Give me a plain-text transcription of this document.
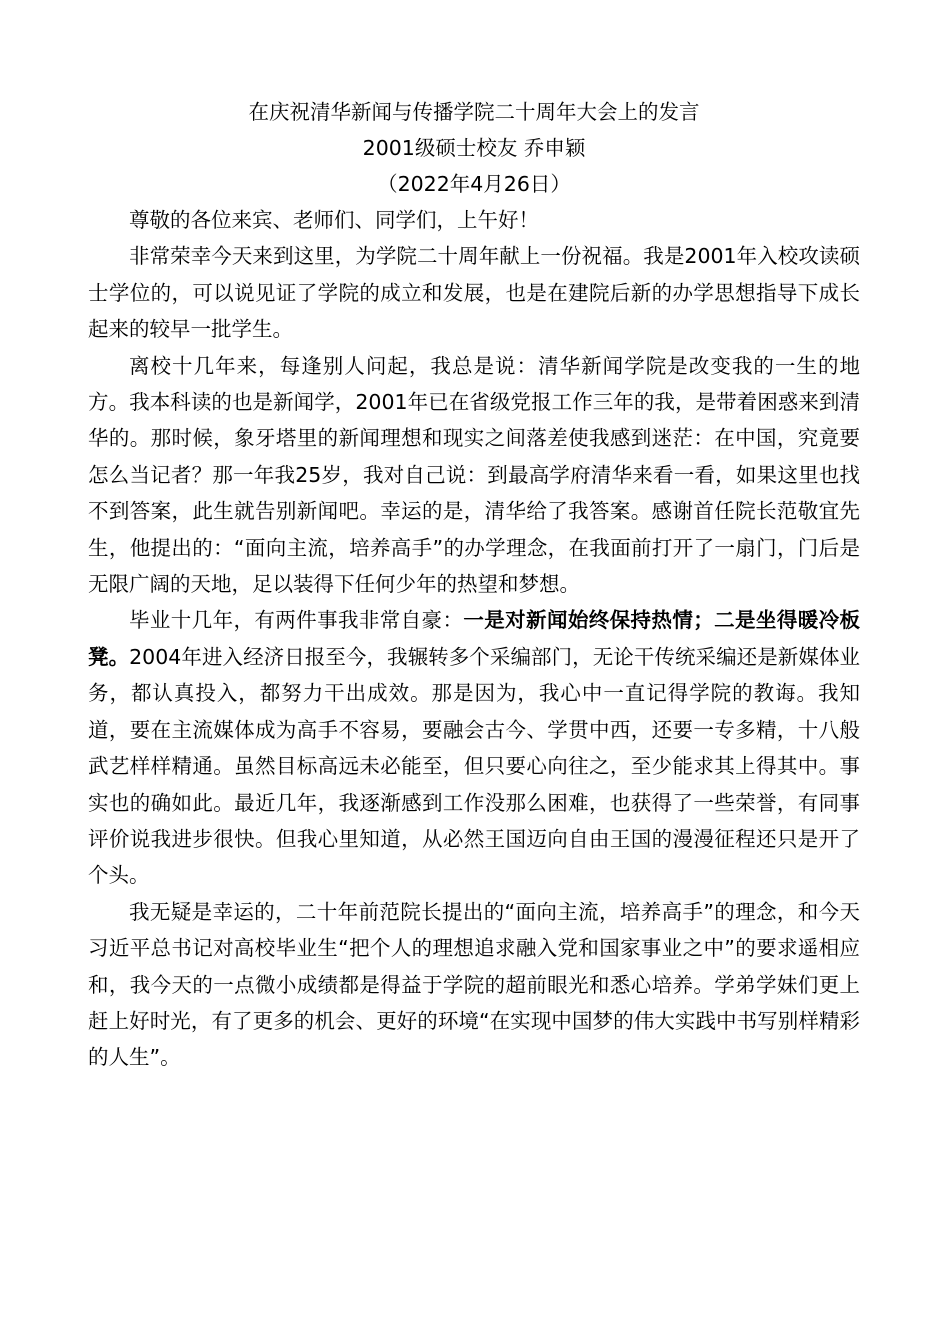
在庆祝清华新闻与传播学院二十周年大会上的发言

2001级硕士校友 乔申颖

（2022年4月26日）

尊敬的各位来宾、老师们、同学们，上午好！

非常荣幸今天来到这里，为学院二十周年献上一份祝福。我是2001年入校攻读硕士学位的，可以说见证了学院的成立和发展，也是在建院后新的办学思想指导下成长起来的较早一批学生。

离校十几年来，每逢别人问起，我总是说：清华新闻学院是改变我的一生的地方。我本科读的也是新闻学，2001年已在省级党报工作三年的我，是带着困惑来到清华的。那时候，象牙塔里的新闻理想和现实之间落差使我感到迷茫：在中国，究竟要怎么当记者？那一年我25岁，我对自己说：到最高学府清华来看一看，如果这里也找不到答案，此生就告别新闻吧。幸运的是，清华给了我答案。感谢首任院长范敬宜先生，他提出的：“面向主流，培养高手”的办学理念，在我面前打开了一扇门，门后是无限广阔的天地，足以装得下任何少年的热望和梦想。

毕业十几年，有两件事我非常自豪：一是对新闻始终保持热情；二是坐得暖冷板凳。2004年进入经济日报至今，我辗转多个采编部门，无论干传统采编还是新媒体业务，都认真投入，都努力干出成效。那是因为，我心中一直记得学院的教诲。我知道，要在主流媒体成为高手不容易，要融会古今、学贯中西，还要一专多精，十八般武艺样样精通。虽然目标高远未必能至，但只要心向往之，至少能求其上得其中。事实也的确如此。最近几年，我逐渐感到工作没那么困难，也获得了一些荣誉，有同事评价说我进步很快。但我心里知道，从必然王国迈向自由王国的漫漫征程还只是开了个头。

我无疑是幸运的，二十年前范院长提出的“面向主流，培养高手”的理念，和今天习近平总书记对高校毕业生“把个人的理想追求融入党和国家事业之中”的要求遥相应和，我今天的一点微小成绩都是得益于学院的超前眼光和悉心培养。学弟学妹们更上赶上好时光，有了更多的机会、更好的环境“在实现中国梦的伟大实践中书写别样精彩的人生”。
